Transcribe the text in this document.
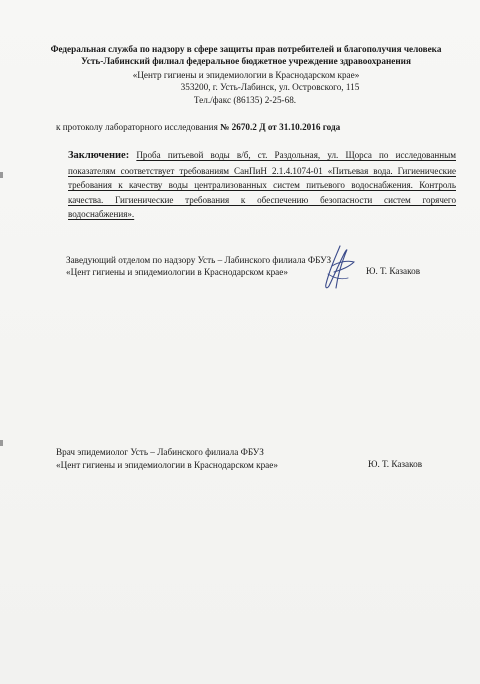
Федеральная служба по надзору в сфере защиты прав потребителей и благополучия человека
Усть-Лабинский филиал федеральное бюджетное учреждение здравоохранения
«Центр гигиены и эпидемиологии в Краснодарском крае»
353200, г. Усть-Лабинск, ул. Островского, 115
Тел./факс (86135) 2-25-68.
к протоколу лабораторного исследования № 2670.2 Д от 31.10.2016 года
Заключение: Проба питьевой воды в/б, ст. Раздольная, ул. Щорса по исследованным показателям соответствует требованиям СанПиН 2.1.4.1074-01 «Питьевая вода. Гигиенические требования к качеству воды централизованных систем питьевого водоснабжения. Контроль качества. Гигиенические требования к обеспечению безопасности систем горячего водоснабжения».
Заведующий отделом по надзору Усть – Лабинского филиала ФБУЗ
«Цент гигиены и эпидемиологии в Краснодарском крае»	Ю. Т. Казаков
Врач эпидемиолог Усть – Лабинского филиала ФБУЗ
«Цент гигиены и эпидемиологии в Краснодарском крае»	Ю. Т. Казаков
